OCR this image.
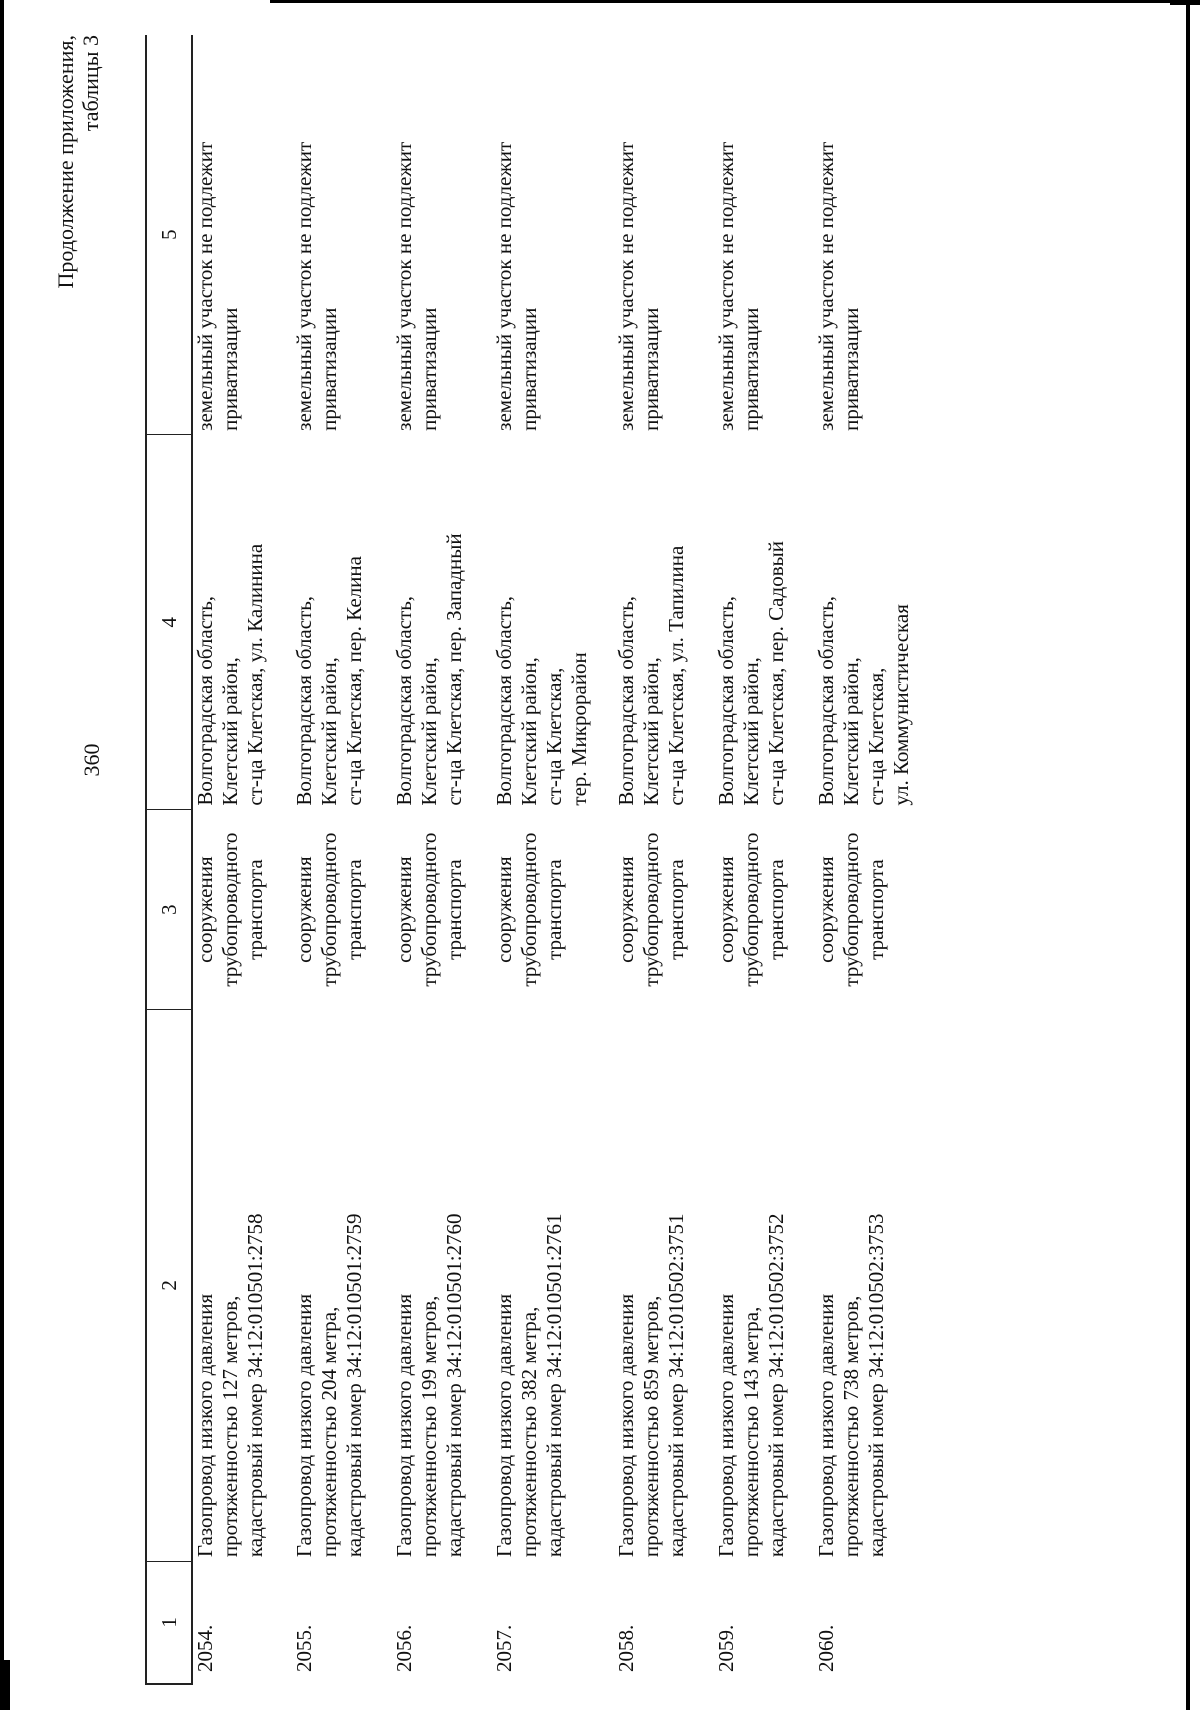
360
Продолжение приложения, таблицы 3
1	2	3	4	5
2054.	Газопровод низкого давления протяженностью 127 метров, кадастровый номер 34:12:010501:2758	сооружения трубопроводного транспорта	Волгоградская область, Клетский район, ст-ца Клетская, ул. Калинина	земельный участок не подлежит приватизации

2055.	Газопровод низкого давления протяженностью 204 метра, кадастровый номер 34:12:010501:2759	сооружения трубопроводного транспорта	Волгоградская область, Клетский район, ст-ца Клетская, пер. Келина	земельный участок не подлежит приватизации

2056.	Газопровод низкого давления протяженностью 199 метров, кадастровый номер 34:12:010501:2760	сооружения трубопроводного транспорта	Волгоградская область, Клетский район, ст-ца Клетская, пер. Западный	земельный участок не подлежит приватизации

2057.	Газопровод низкого давления протяженностью 382 метра, кадастровый номер 34:12:010501:2761	сооружения трубопроводного транспорта	Волгоградская область, Клетский район, ст-ца Клетская, тер. Микрорайон	земельный участок не подлежит приватизации

2058.	Газопровод низкого давления протяженностью 859 метров, кадастровый номер 34:12:010502:3751	сооружения трубопроводного транспорта	Волгоградская область, Клетский район, ст-ца Клетская, ул. Тапилина	земельный участок не подлежит приватизации

2059.	Газопровод низкого давления протяженностью 143 метра, кадастровый номер 34:12:010502:3752	сооружения трубопроводного транспорта	Волгоградская область, Клетский район, ст-ца Клетская, пер. Садовый	земельный участок не подлежит приватизации

2060.	Газопровод низкого давления протяженностью 738 метров, кадастровый номер 34:12:010502:3753	сооружения трубопроводного транспорта	Волгоградская область, Клетский район, ст-ца Клетская, ул. Коммунистическая	земельный участок не подлежит приватизации
